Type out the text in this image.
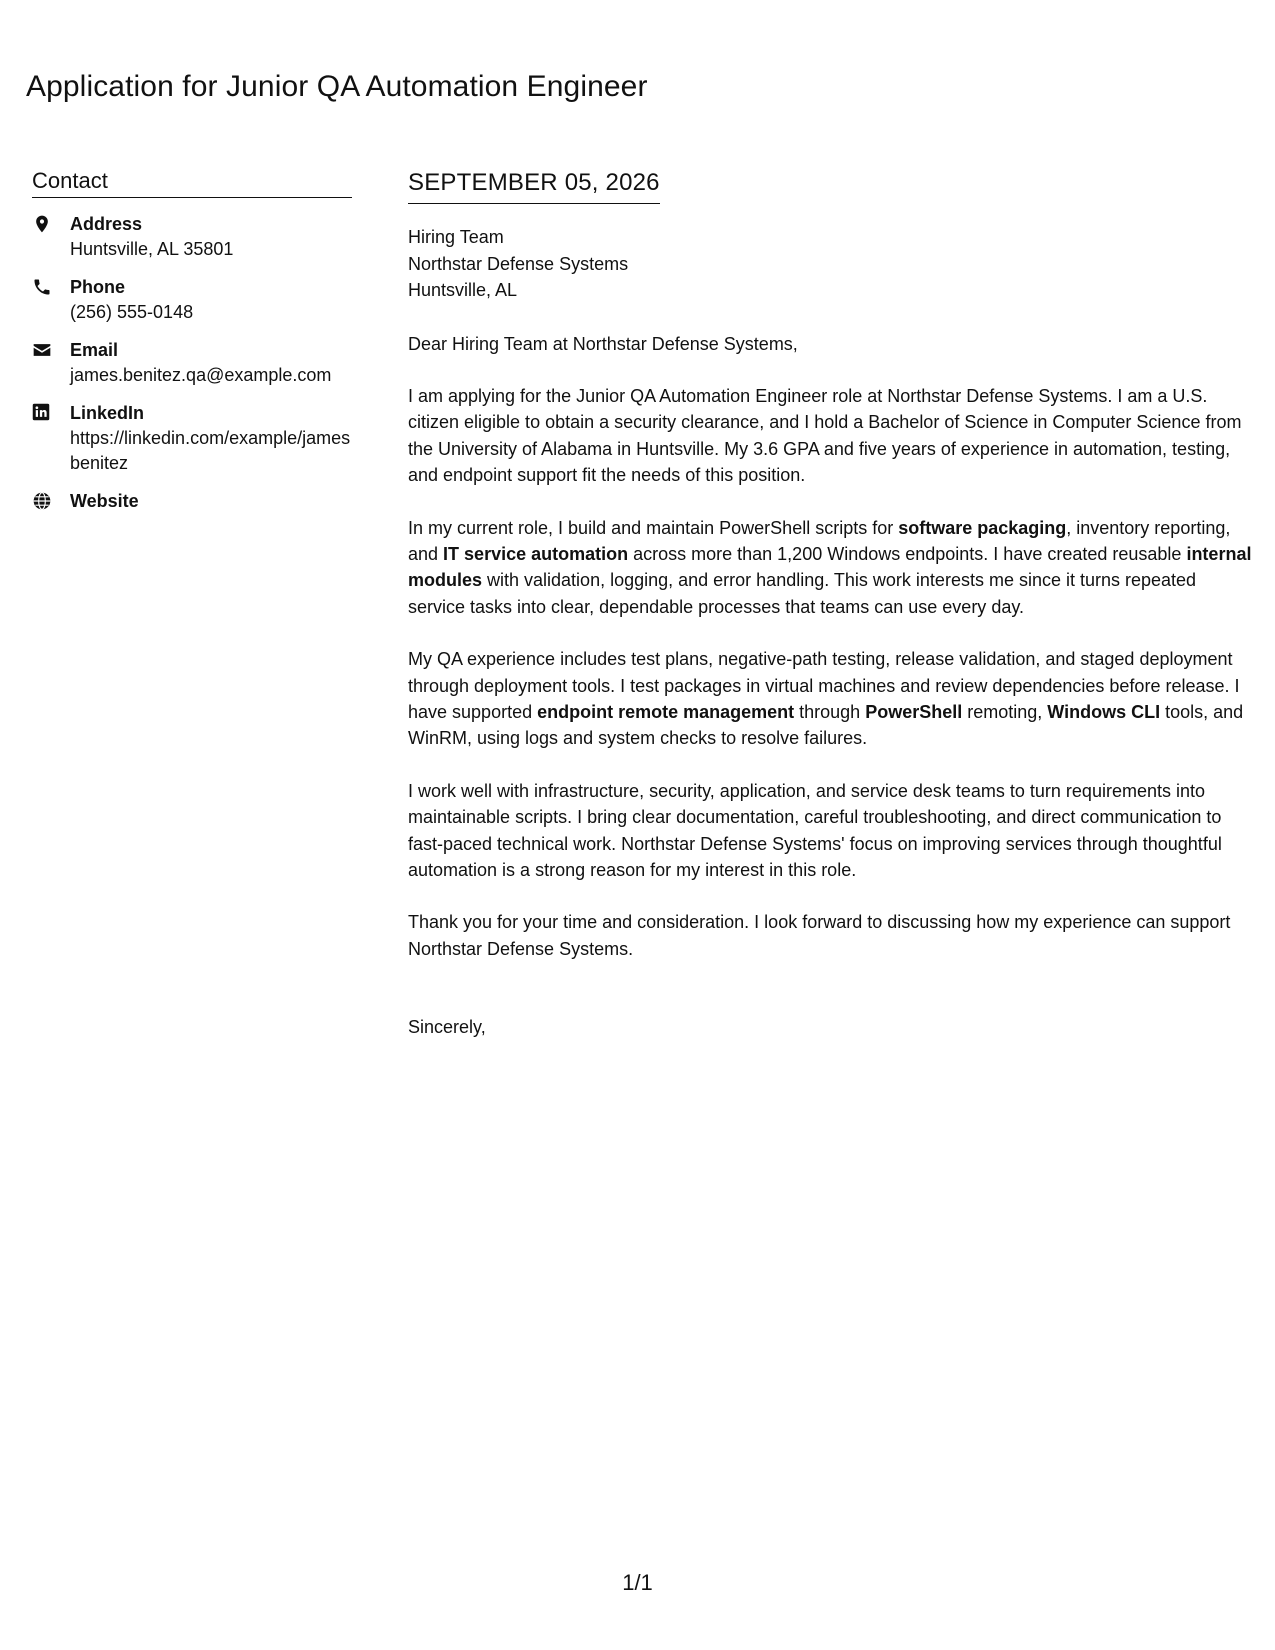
Application for Junior QA Automation Engineer
Contact
Address
Huntsville, AL 35801
Phone
(256) 555-0148
Email
james.benitez.qa@example.com
LinkedIn
https://linkedin.com/example/jamesbenitez
Website
SEPTEMBER 05, 2026
Hiring Team
Northstar Defense Systems
Huntsville, AL

Dear Hiring Team at Northstar Defense Systems,

I am applying for the Junior QA Automation Engineer role at Northstar Defense Systems. I am a U.S. citizen eligible to obtain a security clearance, and I hold a Bachelor of Science in Computer Science from the University of Alabama in Huntsville. My 3.6 GPA and five years of experience in automation, testing, and endpoint support fit the needs of this position.

In my current role, I build and maintain PowerShell scripts for software packaging, inventory reporting, and IT service automation across more than 1,200 Windows endpoints. I have created reusable internal modules with validation, logging, and error handling. This work interests me since it turns repeated service tasks into clear, dependable processes that teams can use every day.

My QA experience includes test plans, negative-path testing, release validation, and staged deployment through deployment tools. I test packages in virtual machines and review dependencies before release. I have supported endpoint remote management through PowerShell remoting, Windows CLI tools, and WinRM, using logs and system checks to resolve failures.

I work well with infrastructure, security, application, and service desk teams to turn requirements into maintainable scripts. I bring clear documentation, careful troubleshooting, and direct communication to fast-paced technical work. Northstar Defense Systems' focus on improving services through thoughtful automation is a strong reason for my interest in this role.

Thank you for your time and consideration. I look forward to discussing how my experience can support Northstar Defense Systems.

Sincerely,

1/1
